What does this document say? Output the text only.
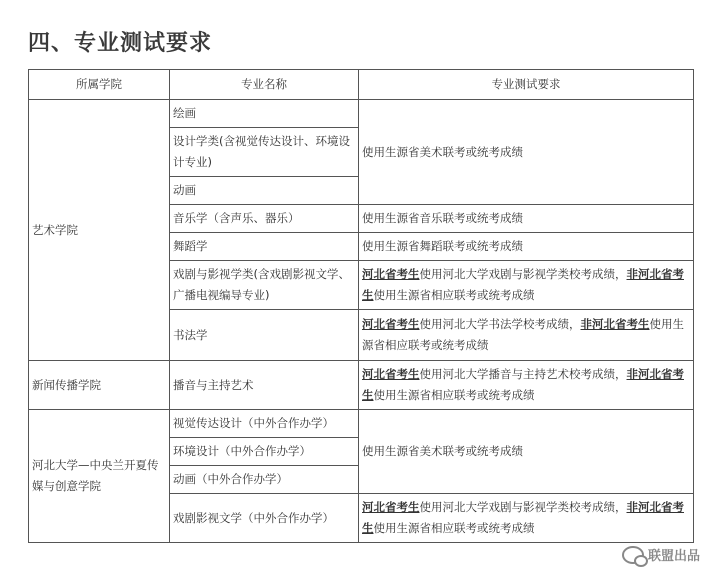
四、专业测试要求
所属学院	专业名称	专业测试要求
艺术学院	绘画	使用生源省美术联考或统考成绩
	设计学类(含视觉传达设计、环境设计专业)	
	动画	
	音乐学（含声乐、器乐）	使用生源省音乐联考或统考成绩
	舞蹈学	使用生源省舞蹈联考或统考成绩
	戏剧与影视学类(含戏剧影视文学、广播电视编导专业)	河北省考生使用河北大学戏剧与影视学类校考成绩，非河北省考生使用生源省相应联考或统考成绩
	书法学	河北省考生使用河北大学书法学校考成绩，非河北省考生使用生源省相应联考或统考成绩
新闻传播学院	播音与主持艺术	河北省考生使用河北大学播音与主持艺术校考成绩，非河北省考生使用生源省相应联考或统考成绩
河北大学—中央兰开夏传媒与创意学院	视觉传达设计（中外合作办学）	使用生源省美术联考或统考成绩
	环境设计（中外合作办学）	
	动画（中外合作办学）	
	戏剧影视文学（中外合作办学）	河北省考生使用河北大学戏剧与影视学类校考成绩，非河北省考生使用生源省相应联考或统考成绩
联盟出品
